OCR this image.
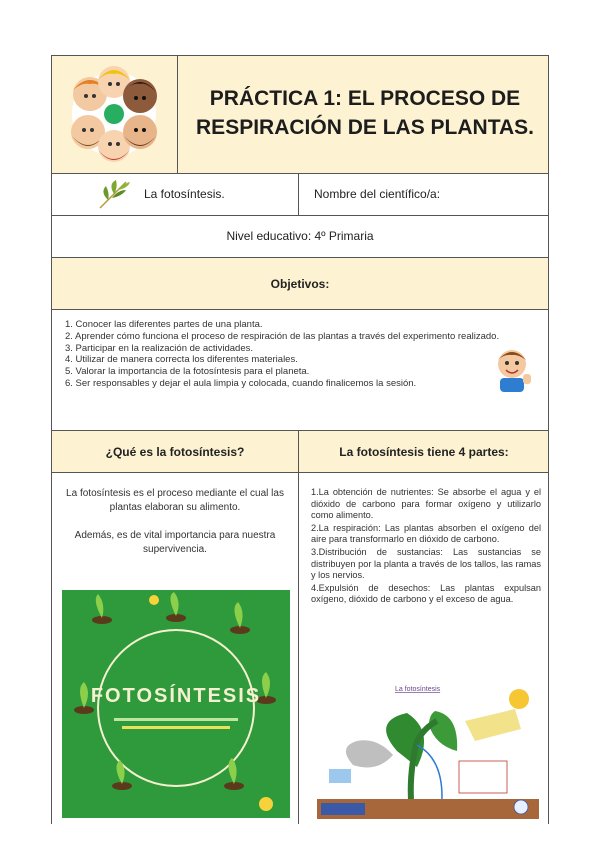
PRÁCTICA 1: EL PROCESO DE
RESPIRACIÓN DE LAS PLANTAS.
La fotosíntesis.	Nombre del científico/a:
Nivel educativo: 4º Primaria
Objetivos:
1. Conocer las diferentes partes de una planta.
2. Aprender cómo funciona el proceso de respiración de las plantas a través del experimento realizado.
3. Participar en la realización de actividades.
4. Utilizar de manera correcta los diferentes materiales.
5. Valorar la importancia de la fotosíntesis para el planeta.
6. Ser responsables y dejar el aula limpia y colocada, cuando finalicemos la sesión.
¿Qué es la fotosíntesis?	La fotosíntesis tiene 4 partes:

La fotosíntesis es el proceso mediante el cual las plantas elaboran su alimento.

Además, es de vital importancia para nuestra supervivencia.

FOTOSÍNTESIS
1.La obtención de nutrientes: Se absorbe el agua y el dióxido de carbono para formar oxígeno y utilizarlo como alimento.
2.La respiración: Las plantas absorben el oxígeno del aire para transformarlo en dióxido de carbono.
3.Distribución de sustancias: Las sustancias se distribuyen por la planta a través de los tallos, las ramas y los nervios.
4.Expulsión de desechos: Las plantas expulsan oxígeno, dióxido de carbono y el exceso de agua.
La fotosíntesis
